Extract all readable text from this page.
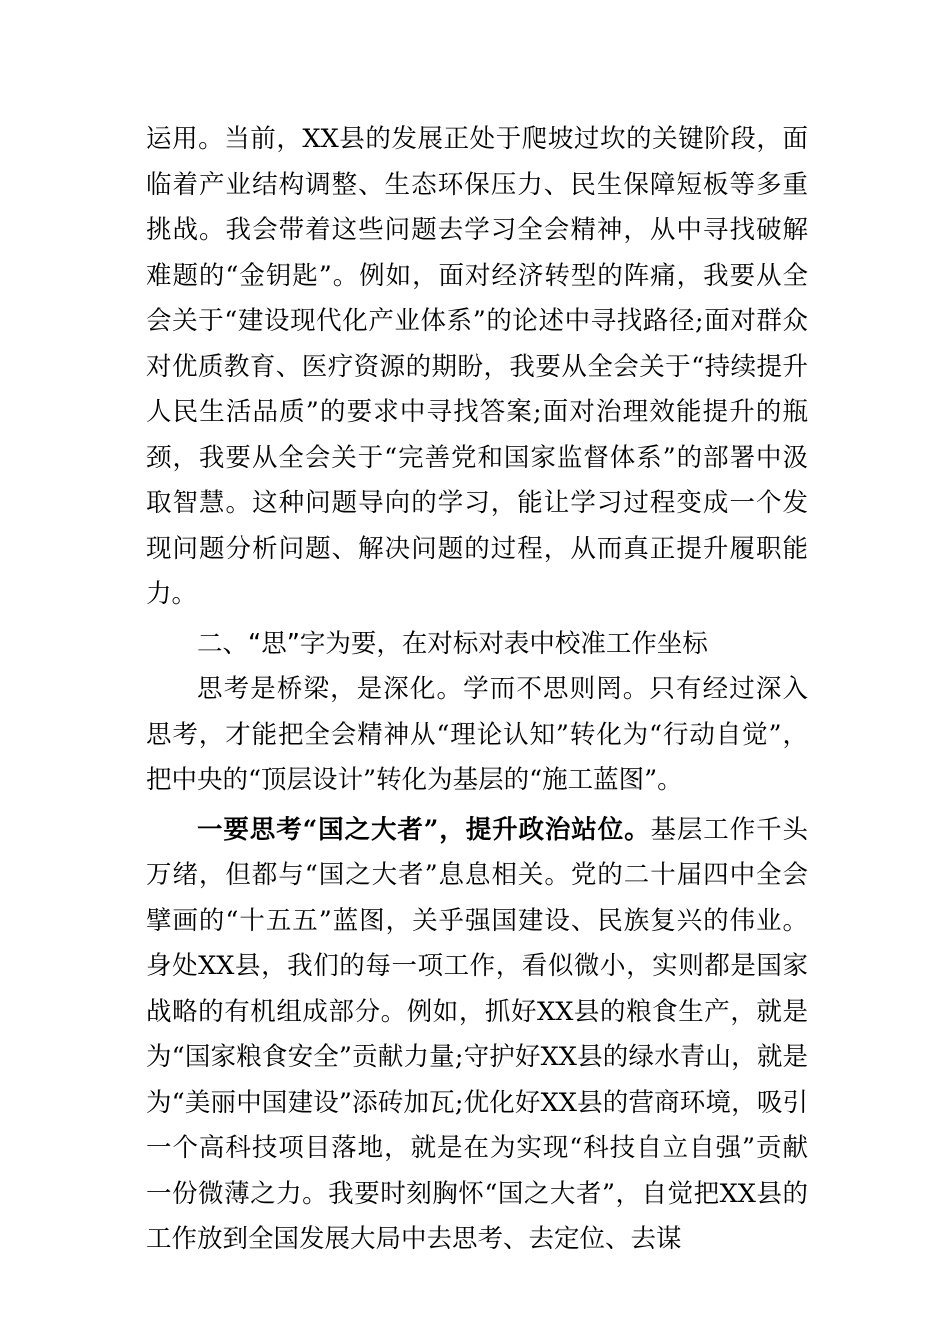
运用。当前，XX县的发展正处于爬坡过坎的关键阶段，面临着产业结构调整、生态环保压力、民生保障短板等多重挑战。我会带着这些问题去学习全会精神，从中寻找破解难题的“金钥匙”。例如，面对经济转型的阵痛，我要从全会关于“建设现代化产业体系”的论述中寻找路径;面对群众对优质教育、医疗资源的期盼，我要从全会关于“持续提升人民生活品质”的要求中寻找答案;面对治理效能提升的瓶颈，我要从全会关于“完善党和国家监督体系”的部署中汲取智慧。这种问题导向的学习，能让学习过程变成一个发现问题分析问题、解决问题的过程，从而真正提升履职能力。

二、“思”字为要，在对标对表中校准工作坐标

思考是桥梁，是深化。学而不思则罔。只有经过深入思考，才能把全会精神从“理论认知”转化为“行动自觉”，把中央的“顶层设计”转化为基层的“施工蓝图”。

一要思考“国之大者”，提升政治站位。基层工作千头万绪，但都与“国之大者”息息相关。党的二十届四中全会擘画的“十五五”蓝图，关乎强国建设、民族复兴的伟业。身处XX县，我们的每一项工作，看似微小，实则都是国家战略的有机组成部分。例如，抓好XX县的粮食生产，就是为“国家粮食安全”贡献力量;守护好XX县的绿水青山，就是为“美丽中国建设”添砖加瓦;优化好XX县的营商环境，吸引一个高科技项目落地，就是在为实现“科技自立自强”贡献一份微薄之力。我要时刻胸怀“国之大者”，自觉把XX县的工作放到全国发展大局中去思考、去定位、去谋
